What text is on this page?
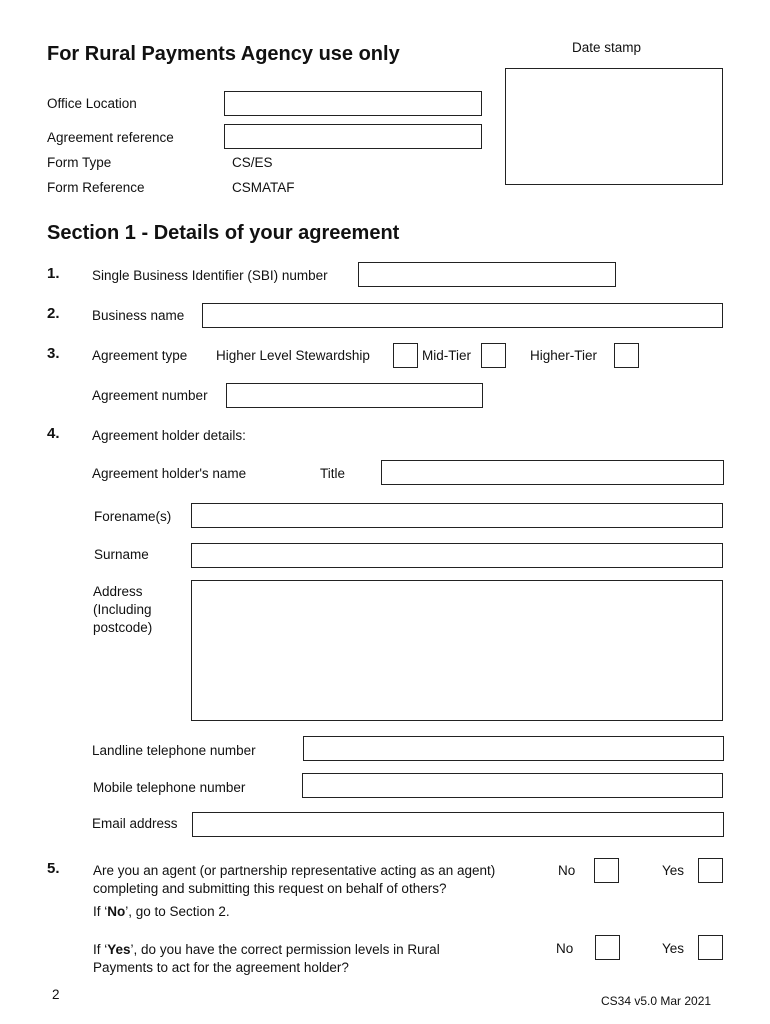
For Rural Payments Agency use only	Date stamp
Office Location
Agreement reference
Form Type	CS/ES
Form Reference	CSMATAF
Section 1 - Details of your agreement
1. Single Business Identifier (SBI) number
2. Business name
3. Agreement type Higher Level Stewardship	Mid-Tier	Higher-Tier
Agreement number
4. Agreement holder details:
Agreement holder's name	Title
Forename(s)
Surname
Address
(Including
postcode)
Landline telephone number
Mobile telephone number
Email address
5. Are you an agent (or partnership representative acting as an agent)
completing and submitting this request on behalf of others?
No	Yes
If ‘No’, go to Section 2.
If ‘Yes’, do you have the correct permission levels in Rural
Payments to act for the agreement holder?
No	Yes
2	CS34 v5.0 Mar 2021
